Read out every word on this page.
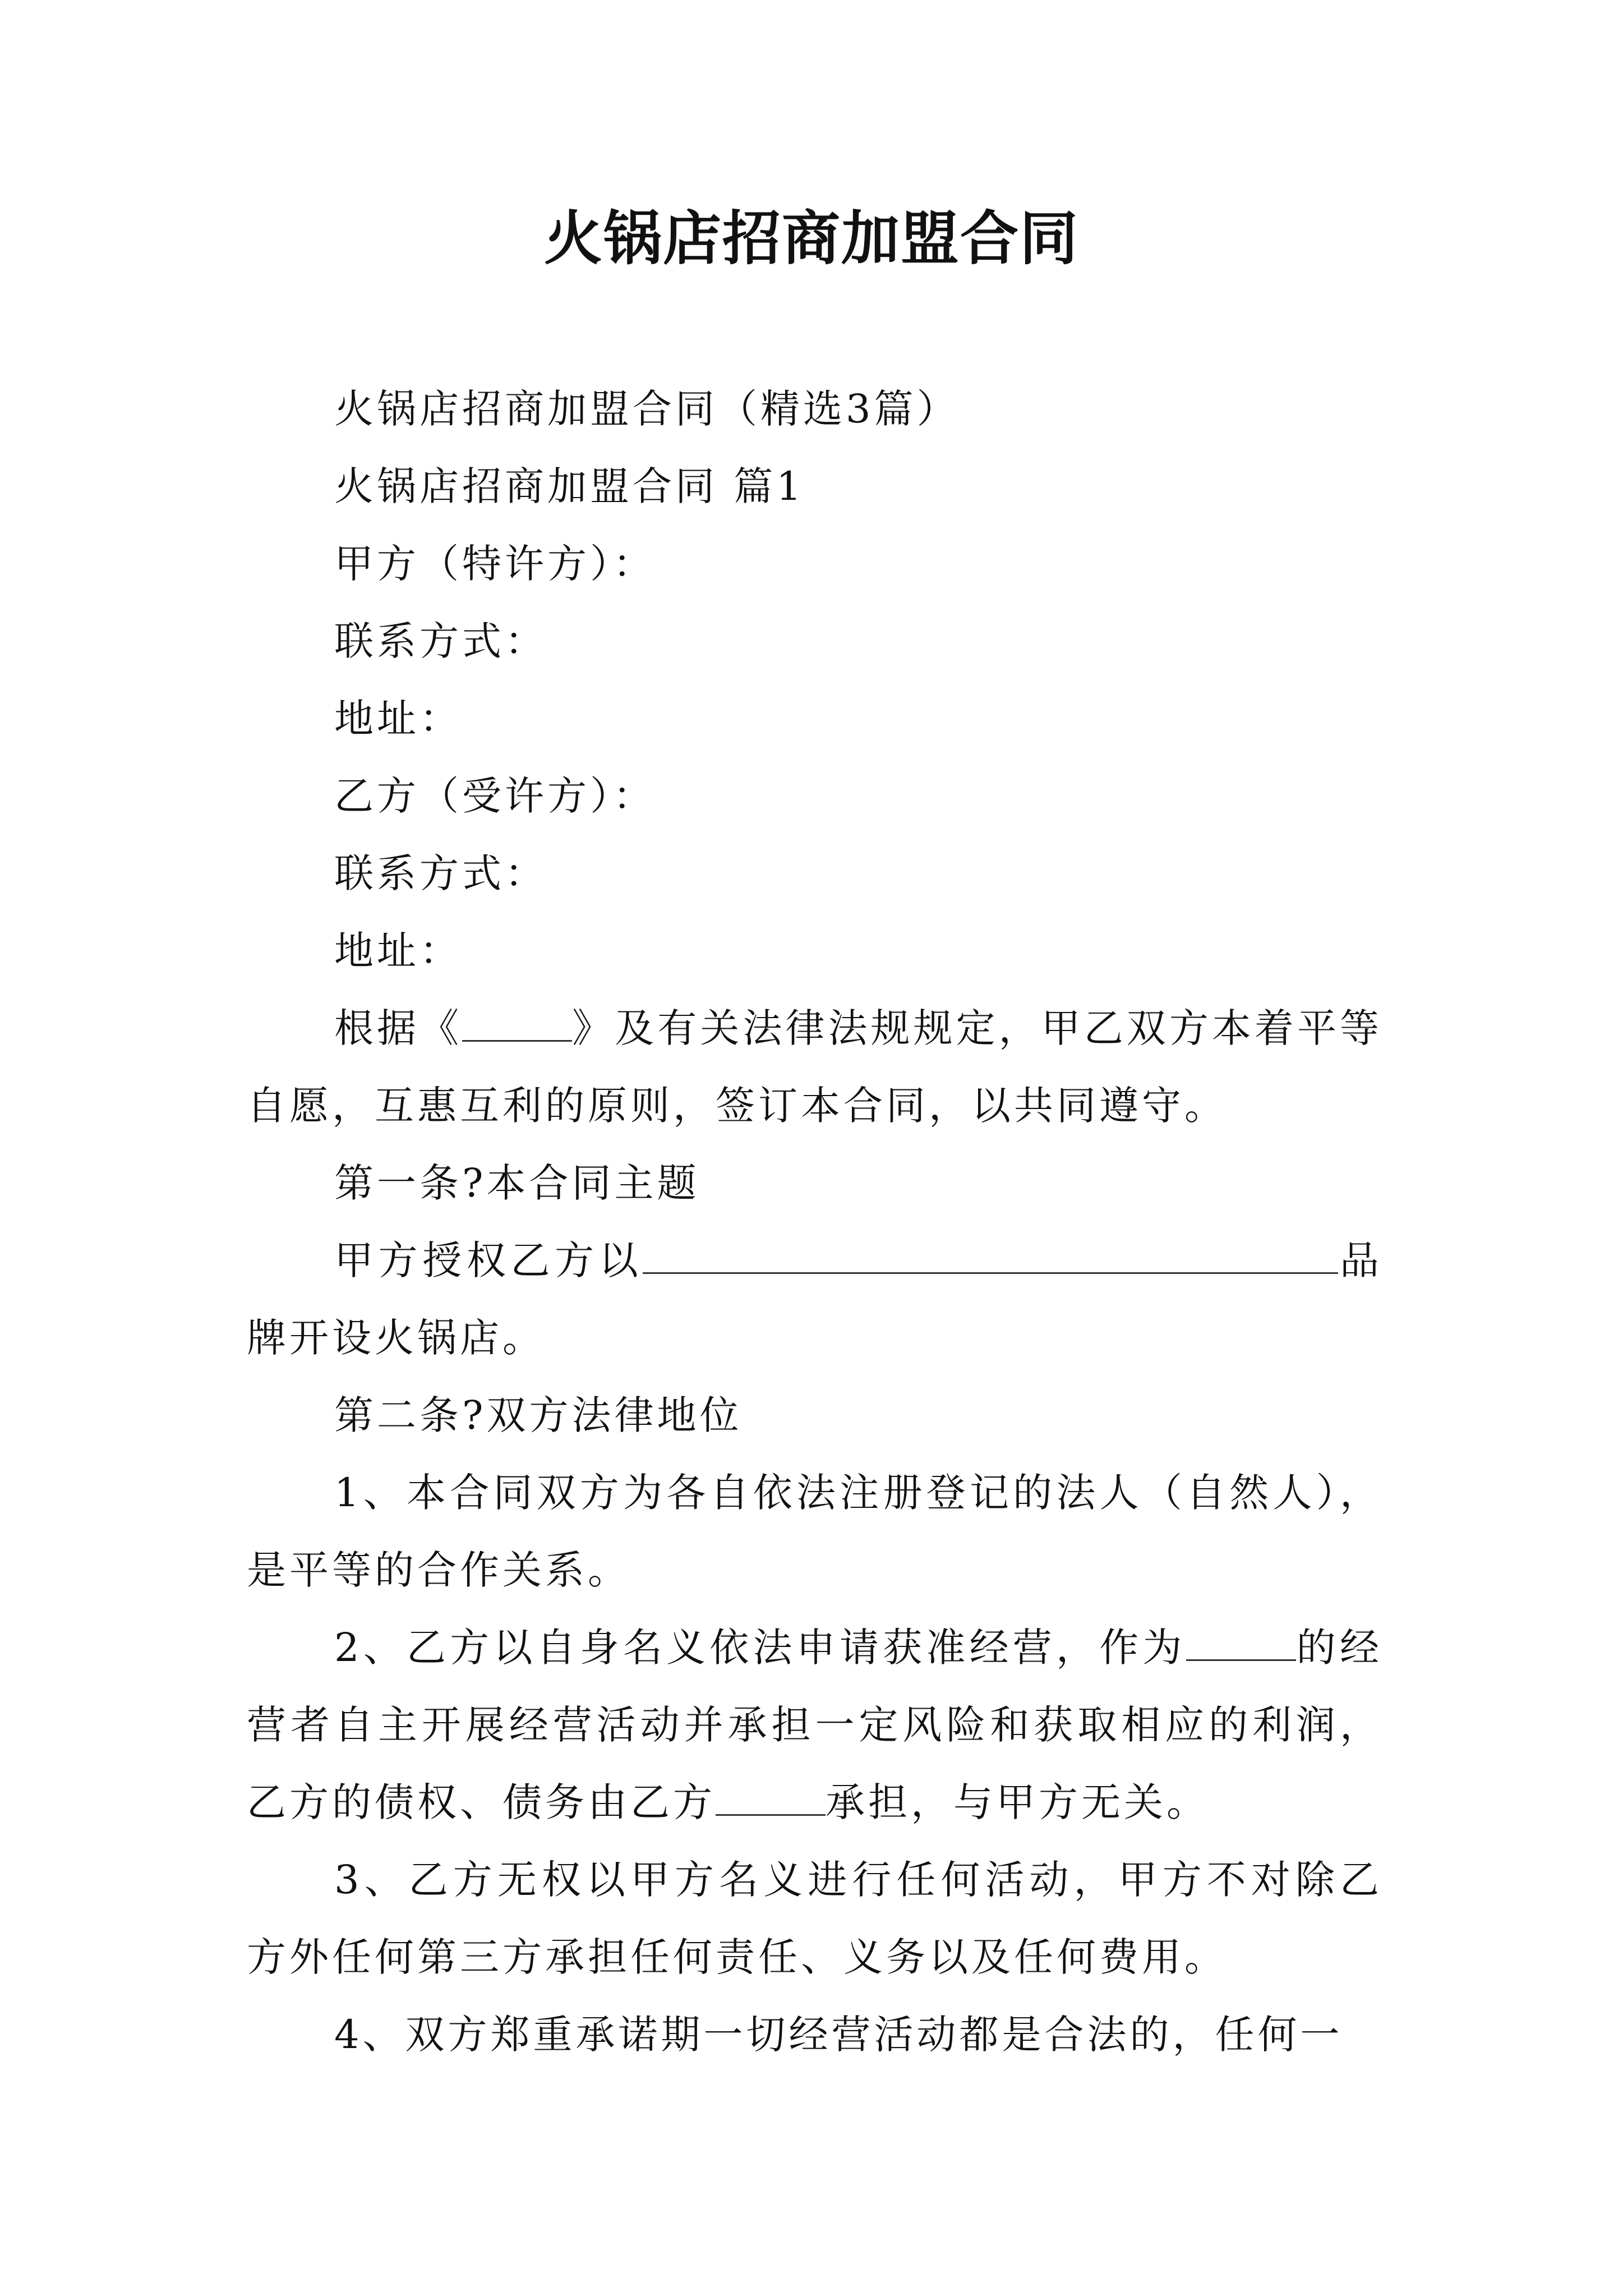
火锅店招商加盟合同

火锅店招商加盟合同（精选3篇）

火锅店招商加盟合同 篇1

甲方（特许方）：

联系方式：

地址：

乙方（受许方）：

联系方式：

地址：

根据《	》及有关法律法规规定，甲乙双方本着平等自愿，互惠互利的原则，签订本合同，以共同遵守。

第一条?本合同主题

甲方授权乙方以	品牌开设火锅店。

第二条?双方法律地位

1、本合同双方为各自依法注册登记的法人（自然人），是平等的合作关系。

2、乙方以自身名义依法申请获准经营，作为	的经营者自主开展经营活动并承担一定风险和获取相应的利润，乙方的债权、债务由乙方	承担，与甲方无关。

3、乙方无权以甲方名义进行任何活动，甲方不对除乙方外任何第三方承担任何责任、义务以及任何费用。

4、双方郑重承诺期一切经营活动都是合法的，任何一
